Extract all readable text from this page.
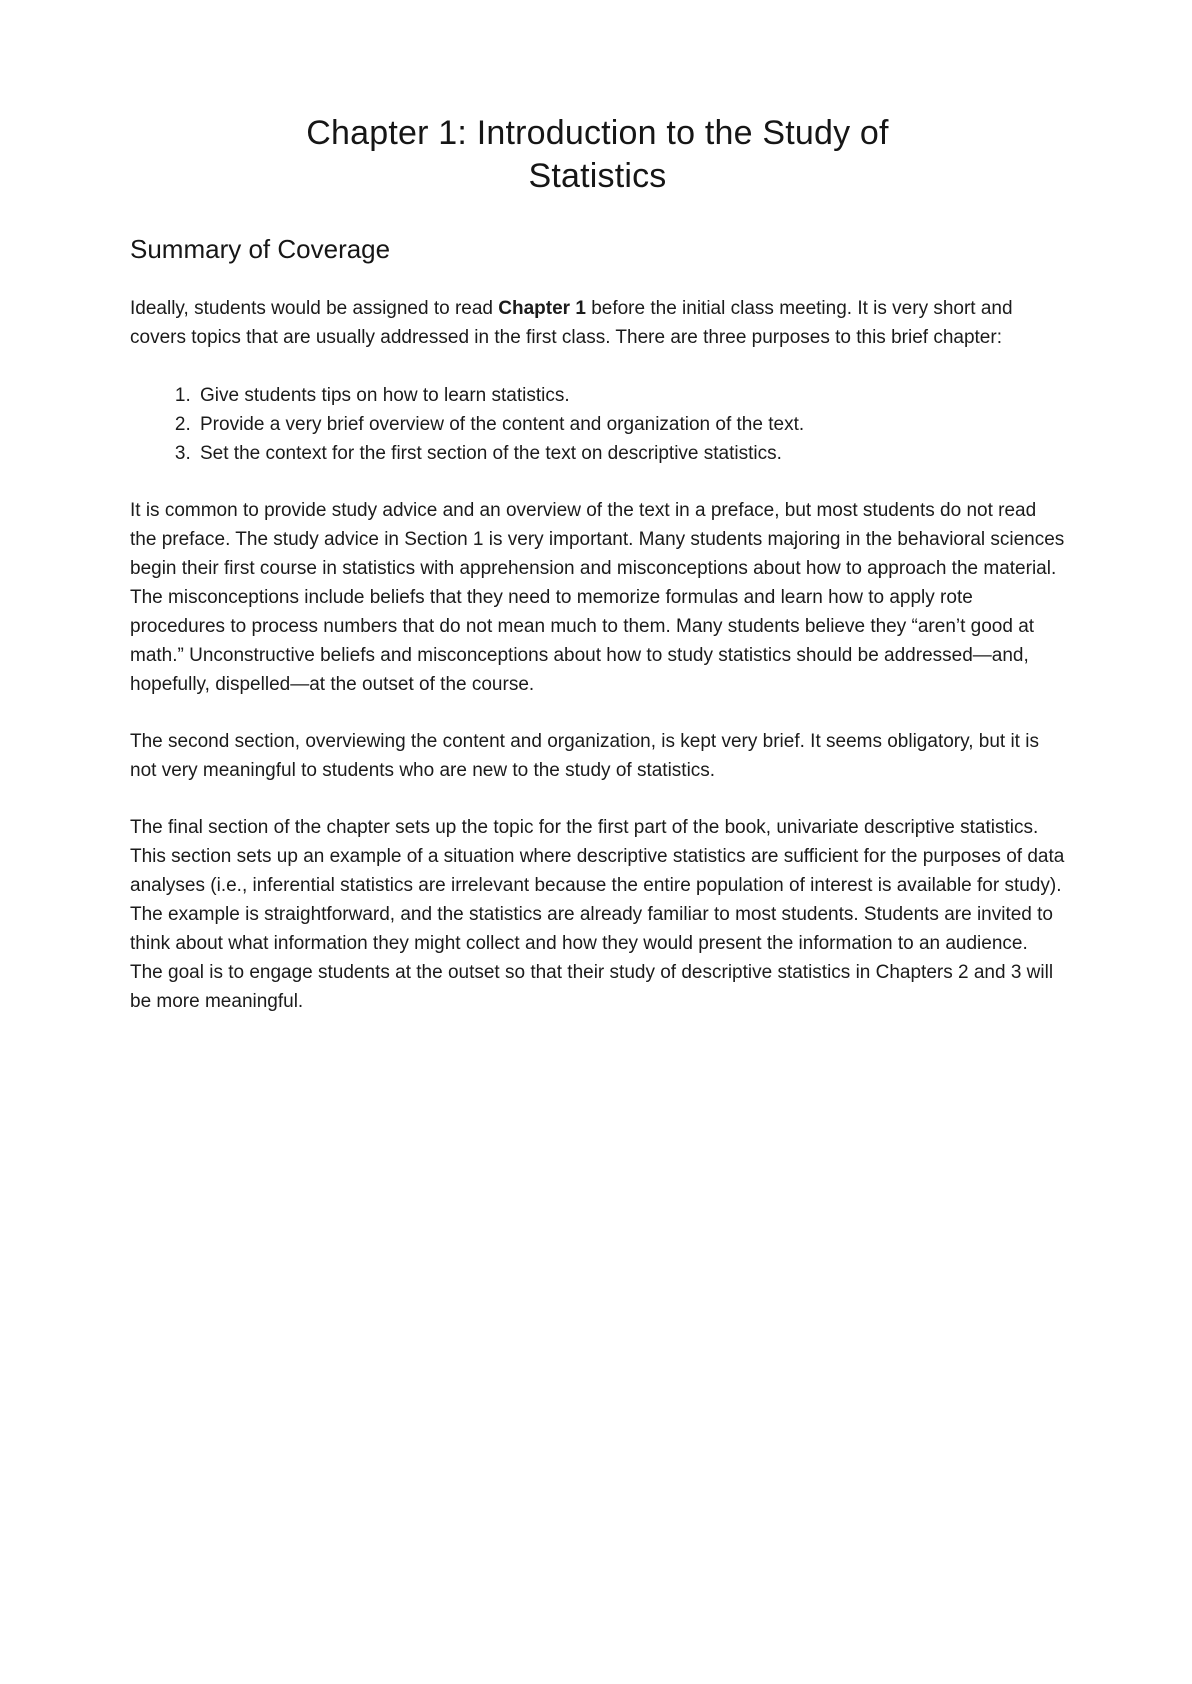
Chapter 1: Introduction to the Study of
Statistics
Summary of Coverage

Ideally, students would be assigned to read Chapter 1 before the initial class meeting. It is very short and covers topics that are usually addressed in the first class. There are three purposes to this brief chapter:

1. Give students tips on how to learn statistics.
2. Provide a very brief overview of the content and organization of the text.
3. Set the context for the first section of the text on descriptive statistics.

It is common to provide study advice and an overview of the text in a preface, but most students do not read the preface. The study advice in Section 1 is very important. Many students majoring in the behavioral sciences begin their first course in statistics with apprehension and misconceptions about how to approach the material. The misconceptions include beliefs that they need to memorize formulas and learn how to apply rote procedures to process numbers that do not mean much to them. Many students believe they “aren’t good at math.” Unconstructive beliefs and misconceptions about how to study statistics should be addressed—and, hopefully, dispelled—at the outset of the course.

The second section, overviewing the content and organization, is kept very brief. It seems obligatory, but it is not very meaningful to students who are new to the study of statistics.

The final section of the chapter sets up the topic for the first part of the book, univariate descriptive statistics. This section sets up an example of a situation where descriptive statistics are sufficient for the purposes of data analyses (i.e., inferential statistics are irrelevant because the entire population of interest is available for study). The example is straightforward, and the statistics are already familiar to most students. Students are invited to think about what information they might collect and how they would present the information to an audience. The goal is to engage students at the outset so that their study of descriptive statistics in Chapters 2 and 3 will be more meaningful.
